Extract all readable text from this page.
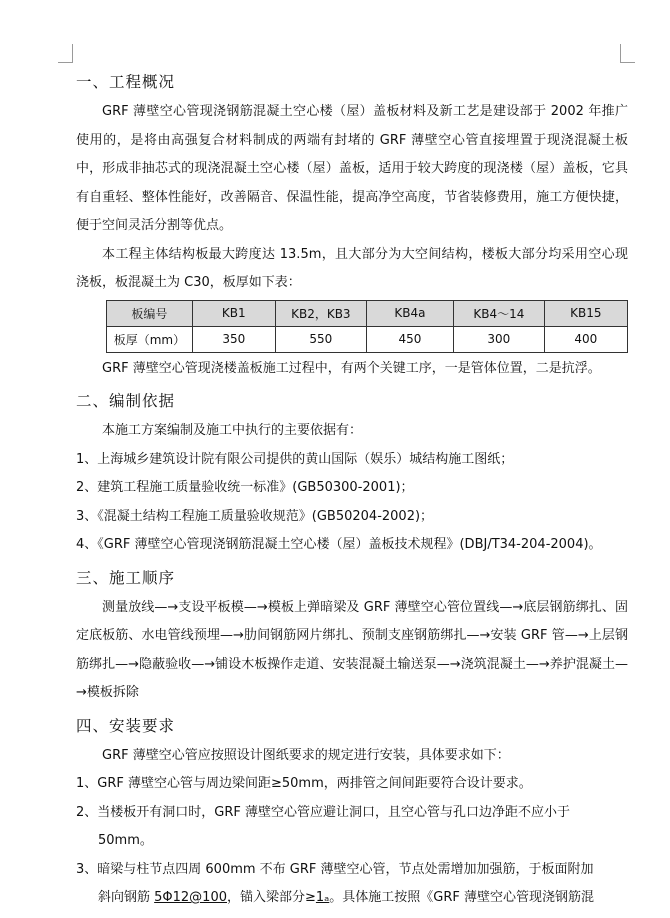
一、工程概况

GRF 薄壁空心管现浇钢筋混凝土空心楼（屋）盖板材料及新工艺是建设部于 2002 年推广使用的，是将由高强复合材料制成的两端有封堵的 GRF 薄壁空心管直接埋置于现浇混凝土板中，形成非抽芯式的现浇混凝土空心楼（屋）盖板，适用于较大跨度的现浇楼（屋）盖板，它具有自重轻、整体性能好，改善隔音、保温性能，提高净空高度，节省装修费用，施工方便快捷，便于空间灵活分割等优点。

本工程主体结构板最大跨度达 13.5m，且大部分为大空间结构，楼板大部分均采用空心现浇板，板混凝土为 C30，板厚如下表：

板编号	KB1	KB2，KB3	KB4a	KB4～14	KB15
板厚（mm）	350	550	450	300	400

GRF 薄壁空心管现浇楼盖板施工过程中，有两个关键工序，一是管体位置，二是抗浮。

二、编制依据

本施工方案编制及施工中执行的主要依据有：

1、上海城乡建筑设计院有限公司提供的黄山国际（娱乐）城结构施工图纸；

2、建筑工程施工质量验收统一标准》(GB50300-2001)；

3、《混凝土结构工程施工质量验收规范》(GB50204-2002)；

4、《GRF 薄壁空心管现浇钢筋混凝土空心楼（屋）盖板技术规程》(DBJ/T34-204-2004)。

三、施工顺序

测量放线—→支设平板模—→模板上弹暗梁及 GRF 薄壁空心管位置线—→底层钢筋绑扎、固定底板筋、水电管线预埋—→肋间钢筋网片绑扎、预制支座钢筋绑扎—→安装 GRF 管—→上层钢筋绑扎—→隐蔽验收—→铺设木板操作走道、安装混凝土输送泵—→浇筑混凝土—→养护混凝土—→模板拆除

四、安装要求

GRF 薄壁空心管应按照设计图纸要求的规定进行安装，具体要求如下：

1、GRF 薄壁空心管与周边梁间距≥50mm，两排管之间间距要符合设计要求。

2、当楼板开有洞口时，GRF 薄壁空心管应避让洞口，且空心管与孔口边净距不应小于

50mm。

3、暗梁与柱节点四周 600mm 不布 GRF 薄壁空心管，节点处需增加加强筋，于板面附加

斜向钢筋 5Φ12@100，锚入梁部分≥1ₐ。具体施工按照《GRF 薄壁空心管现浇钢筋混
